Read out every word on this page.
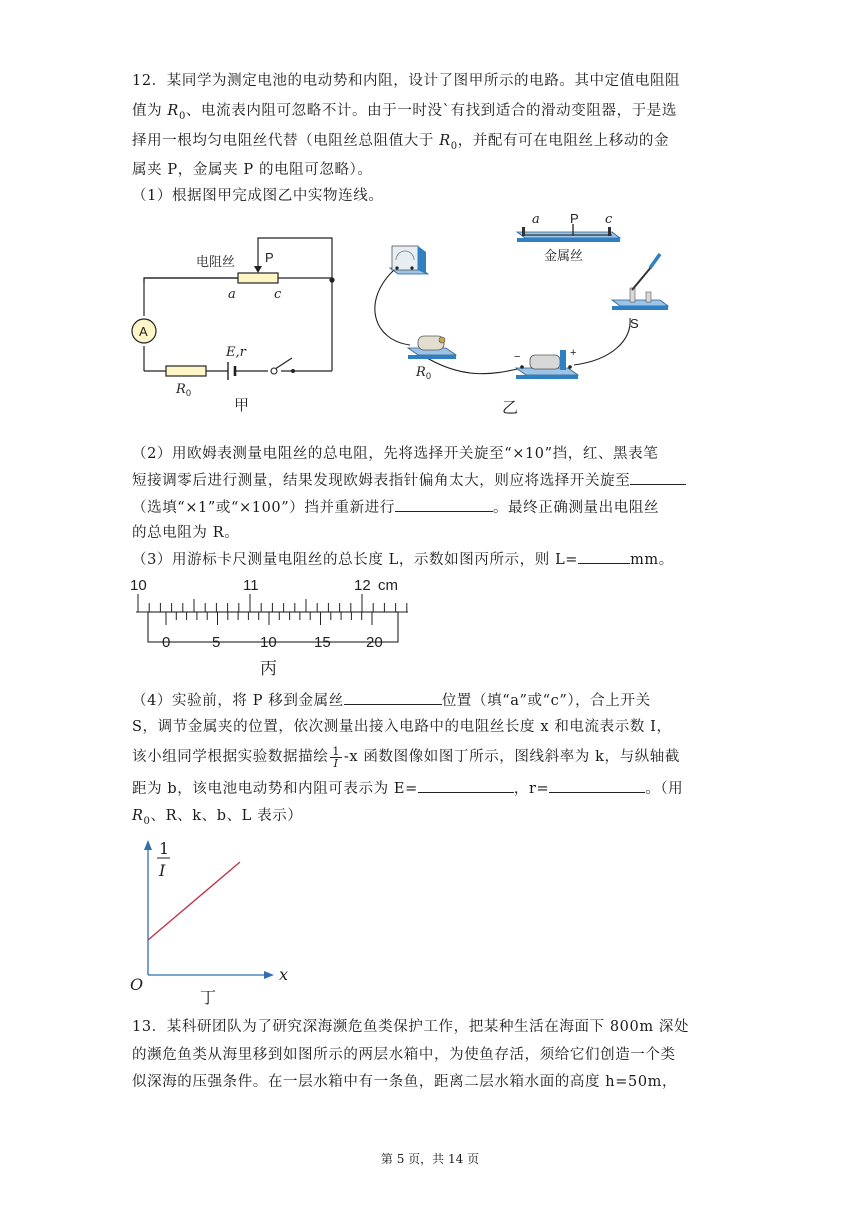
12．某同学为测定电池的电动势和内阻，设计了图甲所示的电路。其中定值电阻阻
值为 $R_0$、电流表内阻可忽略不计。由于一时没`有找到适合的滑动变阻器，于是选
择用一根均匀电阻丝代替（电阻丝总阻值大于 $R_0$，并配有可在电阻丝上移动的金
属夹 P，金属夹 P 的电阻可忽略）。
（1）根据图甲完成图乙中实物连线。
电阻丝 P
a	c
A
E,r
R 0
甲
a P c
金属丝
S
R 0
−	+
乙
（2）用欧姆表测量电阻丝的总电阻，先将选择开关旋至“×10”挡，红、黑表笔
短接调零后进行测量，结果发现欧姆表指针偏角太大，则应将选择开关旋至
（选填“×1”或“×100”）挡并重新进行	。最终正确测量出电阻丝
的总电阻为 R。
（3）用游标卡尺测量电阻丝的总长度 L，示数如图丙所示，则 L=	mm。
10	11	12 cm
0	5	10 15 20
丙
（4）实验前，将 P 移到金属丝	位置（填“a”或“c”），合上开关
S，调节金属夹的位置，依次测量出接入电路中的电阻丝长度 x 和电流表示数 I，
该小组同学根据实验数据描绘 $\frac{1}{I} -x$ 函数图像如图丁所示，图线斜率为 k，与纵轴截
距为 b，该电池电动势和内阻可表示为 E=	，r=	。（用
$R_0$、R、k、b、L 表示）
1
I
x
O
丁
13．某科研团队为了研究深海濒危鱼类保护工作，把某种生活在海面下 800m 深处
的濒危鱼类从海里移到如图所示的两层水箱中，为使鱼存活，须给它们创造一个类
似深海的压强条件。在一层水箱中有一条鱼，距离二层水箱水面的高度 h=50m，
第 5 页，共 14 页
